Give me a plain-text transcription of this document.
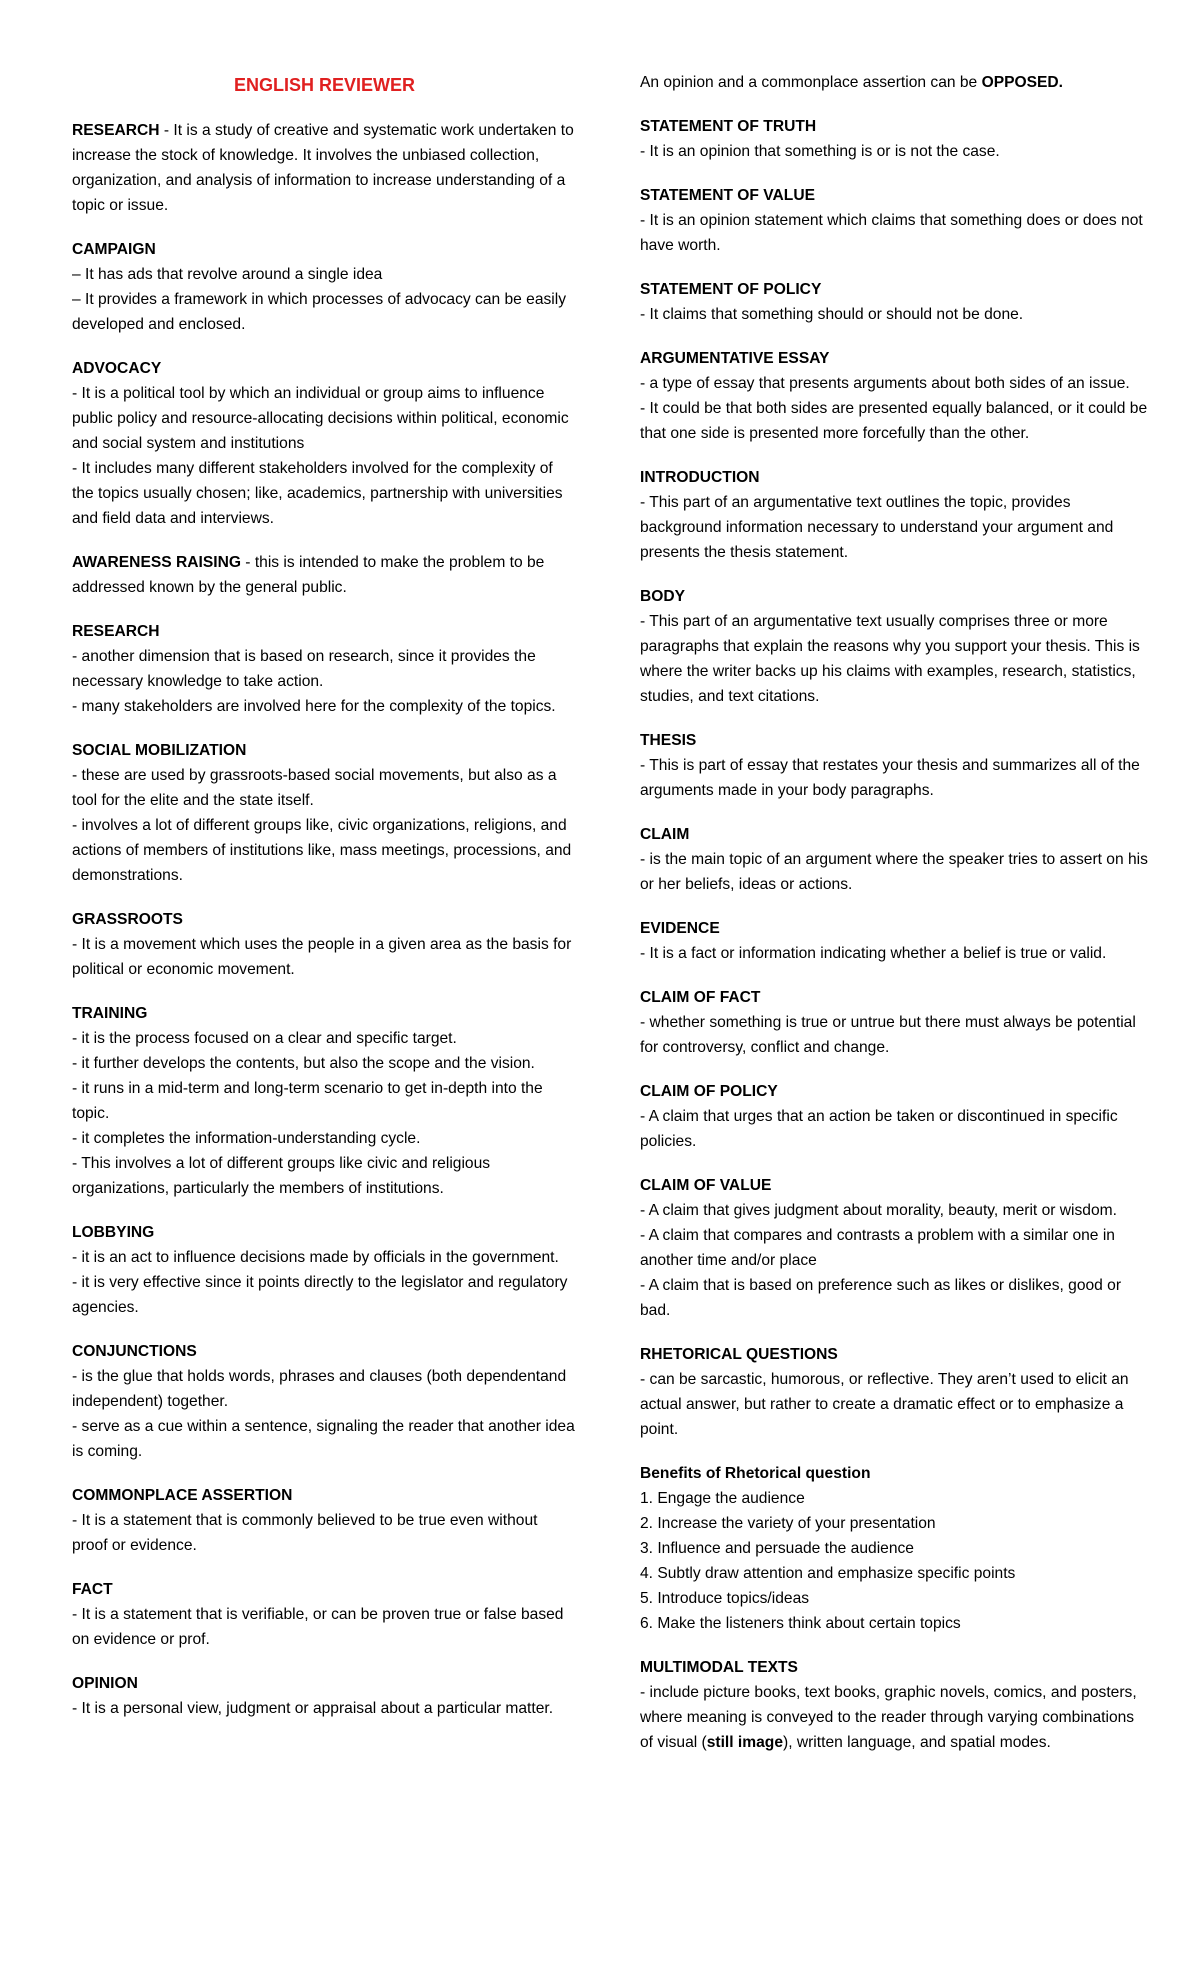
ENGLISH REVIEWER
RESEARCH - It is a study of creative and systematic work undertaken to increase the stock of knowledge. It involves the unbiased collection, organization, and analysis of information to increase understanding of a topic or issue.
CAMPAIGN
– It has ads that revolve around a single idea
– It provides a framework in which processes of advocacy can be easily developed and enclosed.
ADVOCACY
- It is a political tool by which an individual or group aims to influence public policy and resource-allocating decisions within political, economic and social system and institutions
- It includes many different stakeholders involved for the complexity of the topics usually chosen; like, academics, partnership with universities and field data and interviews.
AWARENESS RAISING - this is intended to make the problem to be addressed known by the general public.
RESEARCH
- another dimension that is based on research, since it provides the necessary knowledge to take action.
- many stakeholders are involved here for the complexity of the topics.
SOCIAL MOBILIZATION
- these are used by grassroots-based social movements, but also as a tool for the elite and the state itself.
- involves a lot of different groups like, civic organizations, religions, and actions of members of institutions like, mass meetings, processions, and demonstrations.
GRASSROOTS
- It is a movement which uses the people in a given area as the basis for political or economic movement.
TRAINING
- it is the process focused on a clear and specific target.
- it further develops the contents, but also the scope and the vision.
- it runs in a mid-term and long-term scenario to get in-depth into the topic.
- it completes the information-understanding cycle.
- This involves a lot of different groups like civic and religious organizations, particularly the members of institutions.
LOBBYING
- it is an act to influence decisions made by officials in the government.
- it is very effective since it points directly to the legislator and regulatory agencies.
CONJUNCTIONS
- is the glue that holds words, phrases and clauses (both dependentand independent) together.
- serve as a cue within a sentence, signaling the reader that another idea is coming.
COMMONPLACE ASSERTION
- It is a statement that is commonly believed to be true even without proof or evidence.
FACT
- It is a statement that is verifiable, or can be proven true or false based on evidence or prof.
OPINION
- It is a personal view, judgment or appraisal about a particular matter.
An opinion and a commonplace assertion can be OPPOSED.
STATEMENT OF TRUTH
- It is an opinion that something is or is not the case.
STATEMENT OF VALUE
- It is an opinion statement which claims that something does or does not have worth.
STATEMENT OF POLICY
- It claims that something should or should not be done.
ARGUMENTATIVE ESSAY
- a type of essay that presents arguments about both sides of an issue.
- It could be that both sides are presented equally balanced, or it could be that one side is presented more forcefully than the other.
INTRODUCTION
- This part of an argumentative text outlines the topic, provides background information necessary to understand your argument and presents the thesis statement.
BODY
- This part of an argumentative text usually comprises three or more paragraphs that explain the reasons why you support your thesis. This is where the writer backs up his claims with examples, research, statistics, studies, and text citations.
THESIS
- This is part of essay that restates your thesis and summarizes all of the arguments made in your body paragraphs.
CLAIM
- is the main topic of an argument where the speaker tries to assert on his or her beliefs, ideas or actions.
EVIDENCE
- It is a fact or information indicating whether a belief is true or valid.
CLAIM OF FACT
- whether something is true or untrue but there must always be potential for controversy, conflict and change.
CLAIM OF POLICY
- A claim that urges that an action be taken or discontinued in specific policies.
CLAIM OF VALUE
- A claim that gives judgment about morality, beauty, merit or wisdom.
- A claim that compares and contrasts a problem with a similar one in another time and/or place
- A claim that is based on preference such as likes or dislikes, good or bad.
RHETORICAL QUESTIONS
- can be sarcastic, humorous, or reflective. They aren’t used to elicit an actual answer, but rather to create a dramatic effect or to emphasize a point.
Benefits of Rhetorical question
1. Engage the audience
2. Increase the variety of your presentation
3. Influence and persuade the audience
4. Subtly draw attention and emphasize specific points
5. Introduce topics/ideas
6. Make the listeners think about certain topics
MULTIMODAL TEXTS
- include picture books, text books, graphic novels, comics, and posters, where meaning is conveyed to the reader through varying combinations of visual (still image), written language, and spatial modes.
